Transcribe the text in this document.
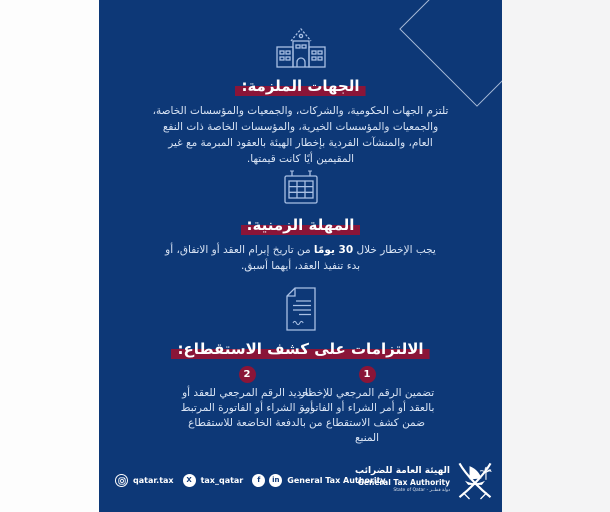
الجهات الملزمة:

تلتزم الجهات الحكومية، والشركات، والجمعيات والمؤسسات الخاصة، والجمعيات والمؤسسات الخيرية، والمؤسسات الخاصة ذات النفع العام، والمنشآت الفردية بإخطار الهيئة بالعقود المبرمة مع غير المقيمين أيًا كانت قيمتها.

المهلة الزمنية:

يجب الإخطار خلال 30 يومًا من تاريخ إبرام العقد أو الاتفاق، أو بدء تنفيذ العقد، أيهما أسبق.

الالتزامات على كشف الاستقطاع:
1

تضمين الرقم المرجعي للإخطار بالعقد أو أمر الشراء أو الفاتورة ضمن كشف الاستقطاع من المنبع

2

تحديد الرقم المرجعي للعقد أو أمر الشراء أو الفاتورة المرتبط بالدفعة الخاضعة للاستقطاع

qatar.tax	X	tax_qatar	f	in General Tax Authority
الهيئة العامة للضرائب
General Tax Authority
State of Qatar - دولة قطــر
